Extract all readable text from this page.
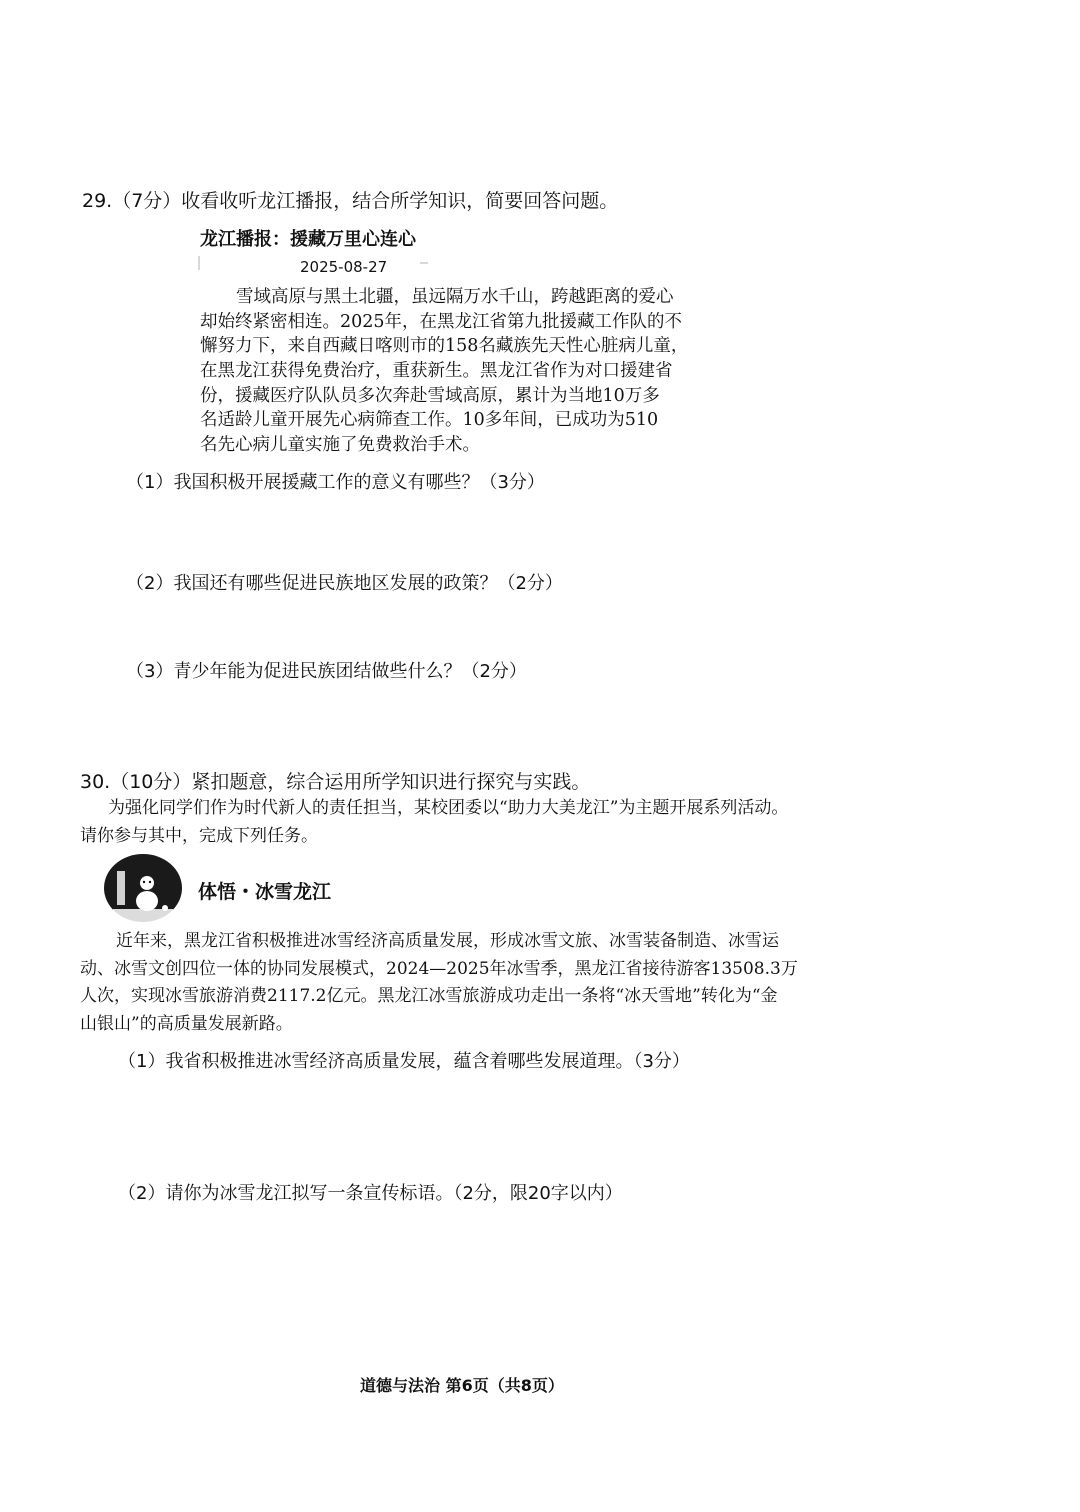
29.（7分）收看收听龙江播报，结合所学知识，简要回答问题。
龙江播报：援藏万里心连心
2025-08-27
雪域高原与黑土北疆，虽远隔万水千山，跨越距离的爱心
却始终紧密相连。2025年，在黑龙江省第九批援藏工作队的不
懈努力下，来自西藏日喀则市的158名藏族先天性心脏病儿童，
在黑龙江获得免费治疗，重获新生。黑龙江省作为对口援建省
份，援藏医疗队队员多次奔赴雪域高原，累计为当地10万多
名适龄儿童开展先心病筛查工作。10多年间，已成功为510
名先心病儿童实施了免费救治手术。
（1）我国积极开展援藏工作的意义有哪些？（3分）
（2）我国还有哪些促进民族地区发展的政策？（2分）
（3）青少年能为促进民族团结做些什么？（2分）
30.（10分）紧扣题意，综合运用所学知识进行探究与实践。
为强化同学们作为时代新人的责任担当，某校团委以“助力大美龙江”为主题开展系列活动。
请你参与其中，完成下列任务。
体悟・冰雪龙江
近年来，黑龙江省积极推进冰雪经济高质量发展，形成冰雪文旅、冰雪装备制造、冰雪运
动、冰雪文创四位一体的协同发展模式，2024—2025年冰雪季，黑龙江省接待游客13508.3万
人次，实现冰雪旅游消费2117.2亿元。黑龙江冰雪旅游成功走出一条将“冰天雪地”转化为“金
山银山”的高质量发展新路。
（1）我省积极推进冰雪经济高质量发展，蕴含着哪些发展道理。（3分）
（2）请你为冰雪龙江拟写一条宣传标语。（2分，限20字以内）
道德与法治 第6页（共8页）
